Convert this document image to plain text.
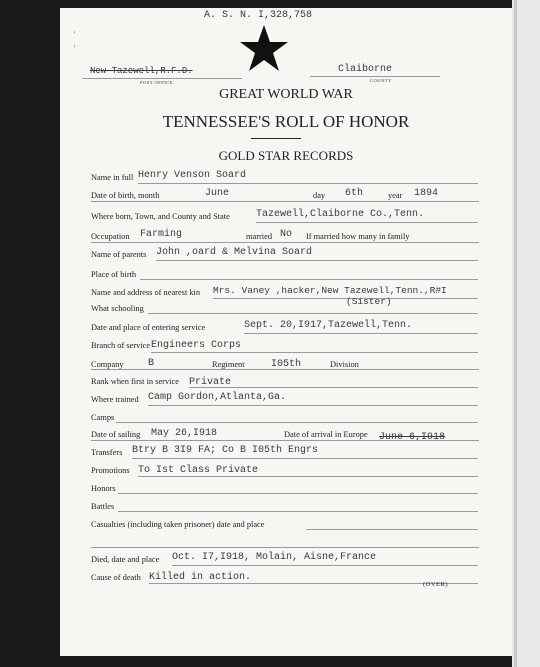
A. S. N. I,328,758
'
'
New Tazewell,R.F.D.
POST OFFICE
Claiborne
COUNTY
GREAT WORLD WAR
TENNESSEE'S ROLL OF HONOR
GOLD STAR RECORDS
Name in full Henry Venson Soard
Date of birth, month	June	day 6th	year 1894
Where born, Town, and County and State	Tazewell,Claiborne Co.,Tenn.
Occupation Farming	married No If married how many in family
Name of parents John ,oard & Melvina Soard
Place of birth
Name and address of nearest kin Mrs. Vaney ,hacker,New Tazewell,Tenn.,R#I
(Sister)
What schooling
Date and place of entering service	Sept. 20,I917,Tazewell,Tenn.
Branch of service Engineers Corps
Company B	Regiment	I05th	Division
Rank when first in service Private
Where trained Camp Gordon,Atlanta,Ga.
Camps
Date of sailing May 26,I918	Date of arrival in Europe June 6,I918
Transfers Btry B 3I9 FA; Co B I05th Engrs
Promotions To Ist Class Private
Honors
Battles
Casualties (including taken prisoner) date and place
Died, date and place Oct. I7,I918, Molain, Aisne,France
Cause of death Killed in action.
(OVER)
